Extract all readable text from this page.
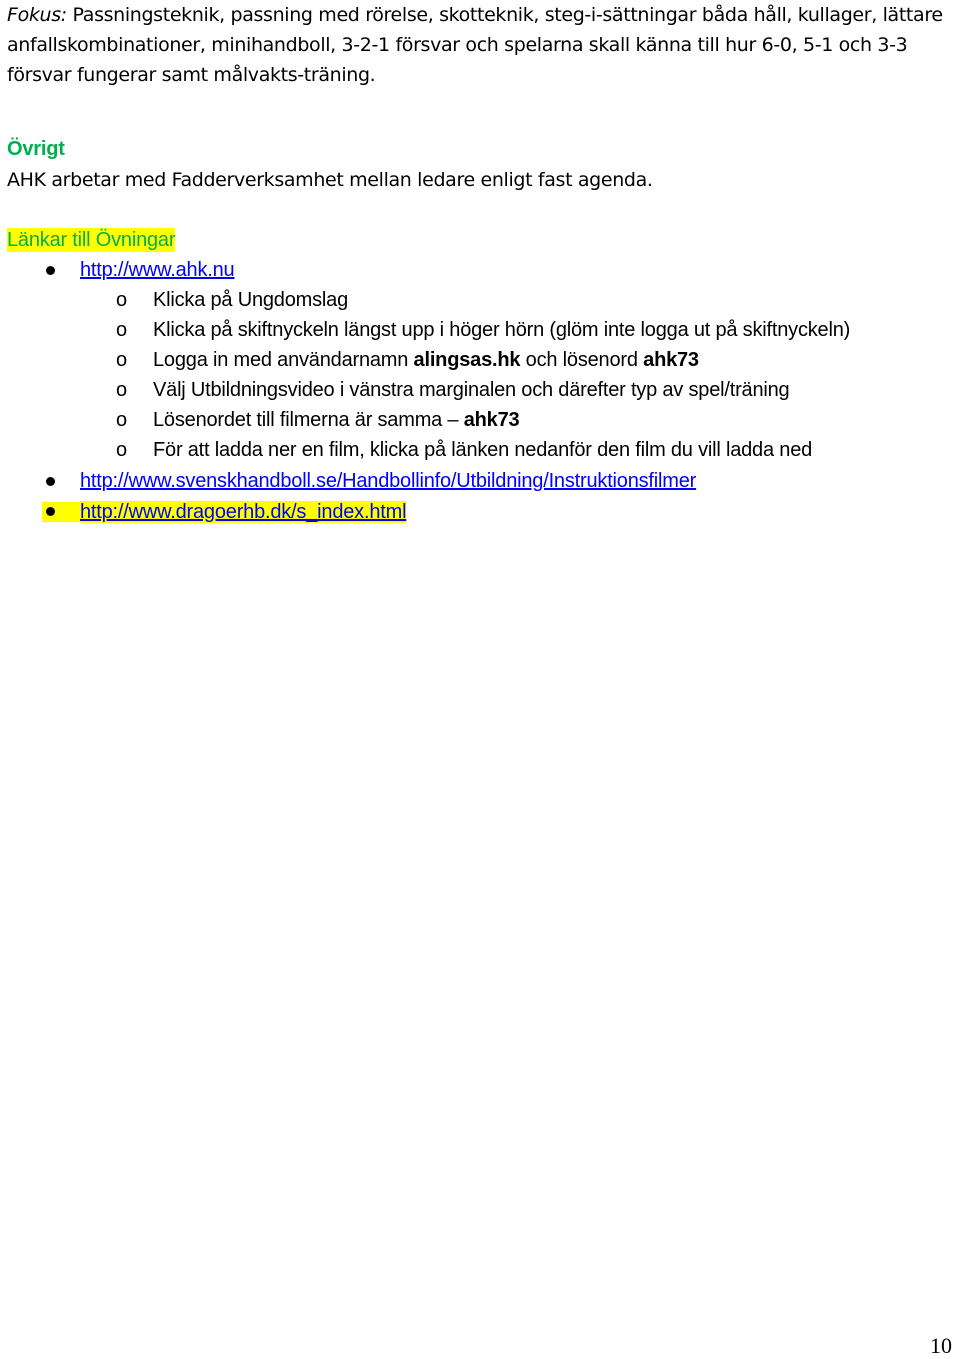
Fokus: Passningsteknik, passning med rörelse, skotteknik, steg-i-sättningar båda håll, kullager, lättare anfallskombinationer, minihandboll, 3-2-1 försvar och spelarna skall känna till hur 6-0, 5-1 och 3-3 försvar fungerar samt målvakts-träning.
Övrigt
AHK arbetar med Fadderverksamhet mellan ledare enligt fast agenda.
Länkar till Övningar
http://www.ahk.nu
o Klicka på Ungdomslag
o Klicka på skiftnyckeln längst upp i höger hörn (glöm inte logga ut på skiftnyckeln)
o Logga in med användarnamn alingsas.hk och lösenord ahk73
o Välj Utbildningsvideo i vänstra marginalen och därefter typ av spel/träning
o Lösenordet till filmerna är samma – ahk73
o För att ladda ner en film, klicka på länken nedanför den film du vill ladda ned
http://www.svenskhandboll.se/Handbollinfo/Utbildning/Instruktionsfilmer
http://www.dragoerhb.dk/s_index.html
10
